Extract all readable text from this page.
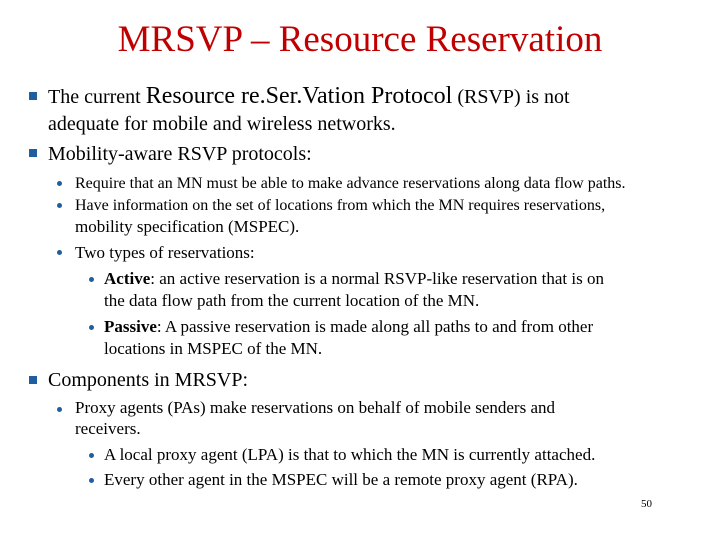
MRSVP – Resource Reservation
The current Resource re.Ser.Vation Protocol (RSVP) is not
adequate for mobile and wireless networks.
Mobility-aware RSVP protocols:
Require that an MN must be able to make advance reservations along data flow paths.
Have information on the set of locations from which the MN requires reservations,
mobility specification (MSPEC).
Two types of reservations:
Active: an active reservation is a normal RSVP-like reservation that is on
the data flow path from the current location of the MN.
Passive: A passive reservation is made along all paths to and from other
locations in MSPEC of the MN.
Components in MRSVP:
Proxy agents (PAs) make reservations on behalf of mobile senders and
receivers.
A local proxy agent (LPA) is that to which the MN is currently attached.
Every other agent in the MSPEC will be a remote proxy agent (RPA).
50
